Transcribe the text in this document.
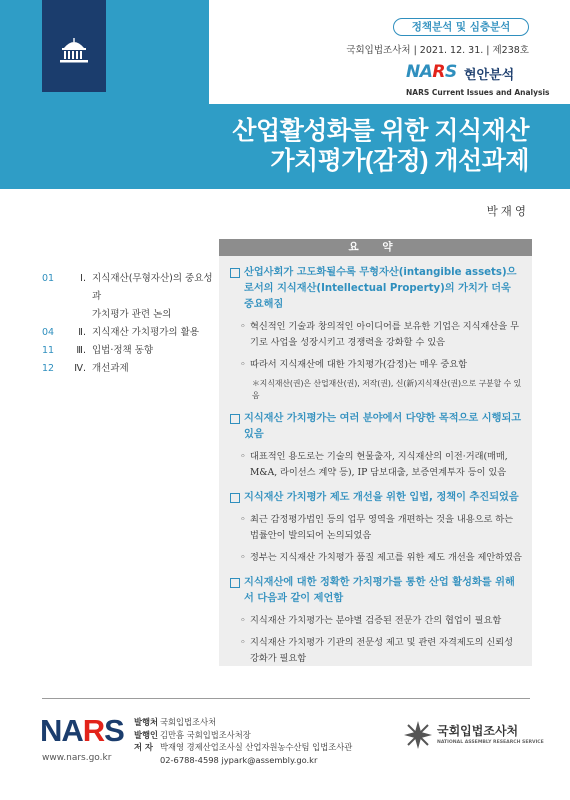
산업활성화를 위한 지식재산
가치평가(감정) 개선과제
정책분석 및 심층분석
국회입법조사처 | 2021. 12. 31. | 제238호
NARS 현안분석
NARS Current Issues and Analysis
박재영
01	Ⅰ. 지식재산(무형자산)의 중요성과
가치평가 관련 논의
04	Ⅱ. 지식재산 가치평가의 활용
11	Ⅲ. 입법·정책 동향
12	Ⅳ. 개선과제
요 약
산업사회가 고도화될수록 무형자산(intangible assets)으로서의 지식재산(Intellectual Property)의 가치가 더욱 중요해짐
◦ 혁신적인 기술과 창의적인 아이디어를 보유한 기업은 지식재산을 무기로 사업을 성장시키고 경쟁력을 강화할 수 있음
◦ 따라서 지식재산에 대한 가치평가(감정)는 매우 중요함
＊지식재산(권)은 산업재산(권), 저작(권), 신(新)지식재산(권)으로 구분할 수 있음
지식재산 가치평가는 여러 분야에서 다양한 목적으로 시행되고 있음
◦ 대표적인 용도로는 기술의 현물출자, 지식재산의 이전·거래(매매, M&A, 라이선스 계약 등), IP 담보대출, 보증연계투자 등이 있음
지식재산 가치평가 제도 개선을 위한 입법, 정책이 추진되었음
◦ 최근 감정평가법인 등의 업무 영역을 개편하는 것을 내용으로 하는 법률안이 발의되어 논의되었음
◦ 정부는 지식재산 가치평가 품질 제고를 위한 제도 개선을 제안하였음
지식재산에 대한 정확한 가치평가를 통한 산업 활성화를 위해서 다음과 같이 제언함
◦ 지식재산 가치평가는 분야별 검증된 전문가 간의 협업이 필요함
◦ 지식재산 가치평가 기관의 전문성 제고 및 관련 자격제도의 신뢰성 강화가 필요함
NARS
www.nars.go.kr
발행처 국회입법조사처
발행인 김만흠 국회입법조사처장
저 자 박재영 경제산업조사실 산업자원농수산팀 입법조사관
02-6788-4598 jypark@assembly.go.kr
국회입법조사처
NATIONAL ASSEMBLY RESEARCH SERVICE
